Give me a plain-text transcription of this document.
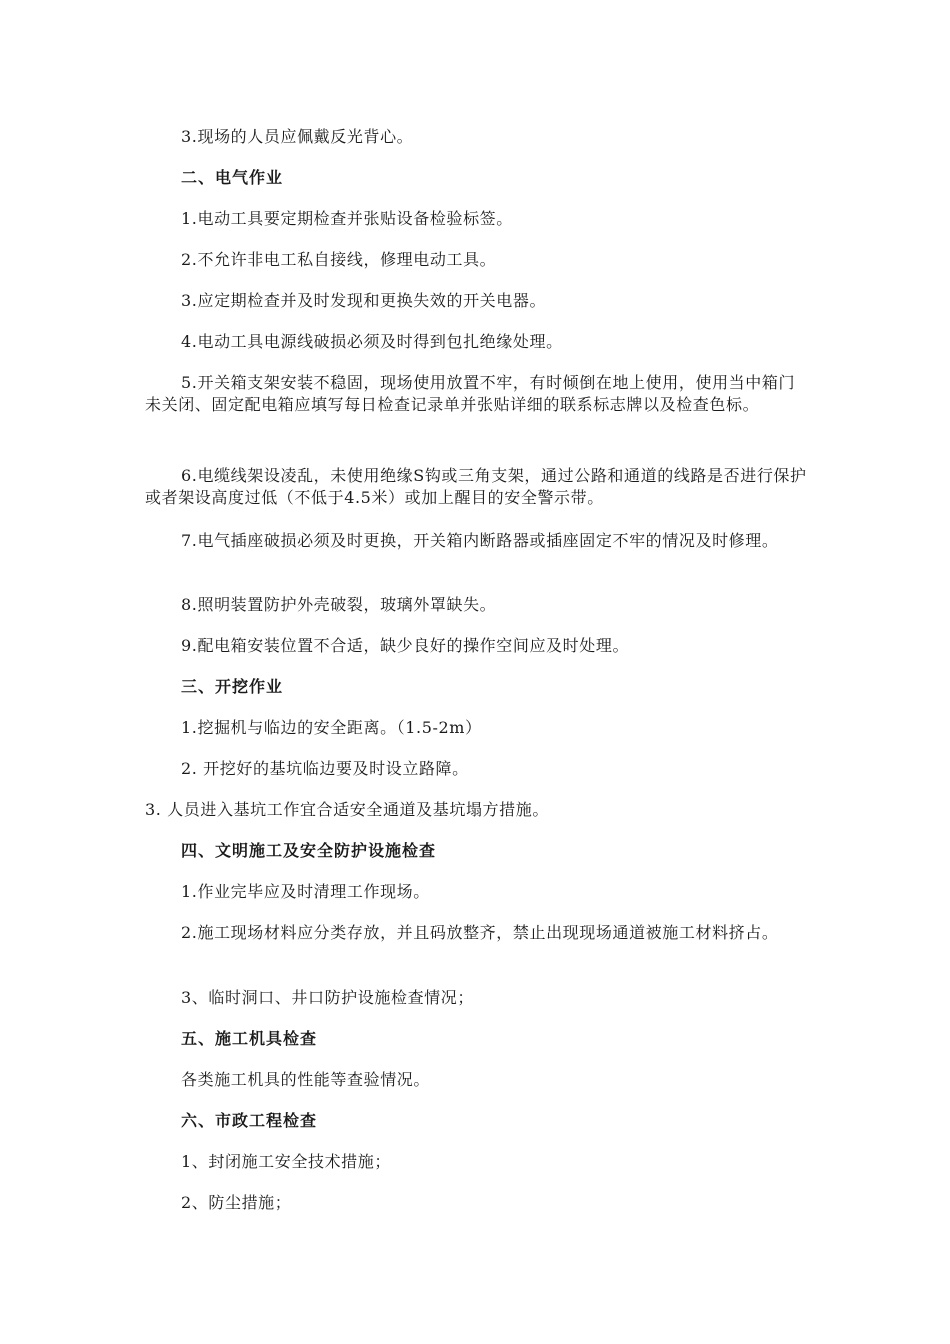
3.现场的人员应佩戴反光背心。

二、电气作业

1.电动工具要定期检查并张贴设备检验标签。

2.不允许非电工私自接线，修理电动工具。

3.应定期检查并及时发现和更换失效的开关电器。

4.电动工具电源线破损必须及时得到包扎绝缘处理。

5.开关箱支架安装不稳固，现场使用放置不牢，有时倾倒在地上使用，使用当中箱门未关闭、固定配电箱应填写每日检查记录单并张贴详细的联系标志牌以及检查色标。

6.电缆线架设凌乱，未使用绝缘S钩或三角支架，通过公路和通道的线路是否进行保护或者架设高度过低（不低于4.5米）或加上醒目的安全警示带。

7.电气插座破损必须及时更换，开关箱内断路器或插座固定不牢的情况及时修理。

8.照明装置防护外壳破裂，玻璃外罩缺失。

9.配电箱安装位置不合适，缺少良好的操作空间应及时处理。

三、开挖作业

1.挖掘机与临边的安全距离。（1.5-2m）

2. 开挖好的基坑临边要及时设立路障。

3. 人员进入基坑工作宜合适安全通道及基坑塌方措施。

四、文明施工及安全防护设施检查

1.作业完毕应及时清理工作现场。

2.施工现场材料应分类存放，并且码放整齐，禁止出现现场通道被施工材料挤占。

3、临时洞口、井口防护设施检查情况；

五、施工机具检查

各类施工机具的性能等查验情况。

六、市政工程检查

1、封闭施工安全技术措施；

2、防尘措施；
